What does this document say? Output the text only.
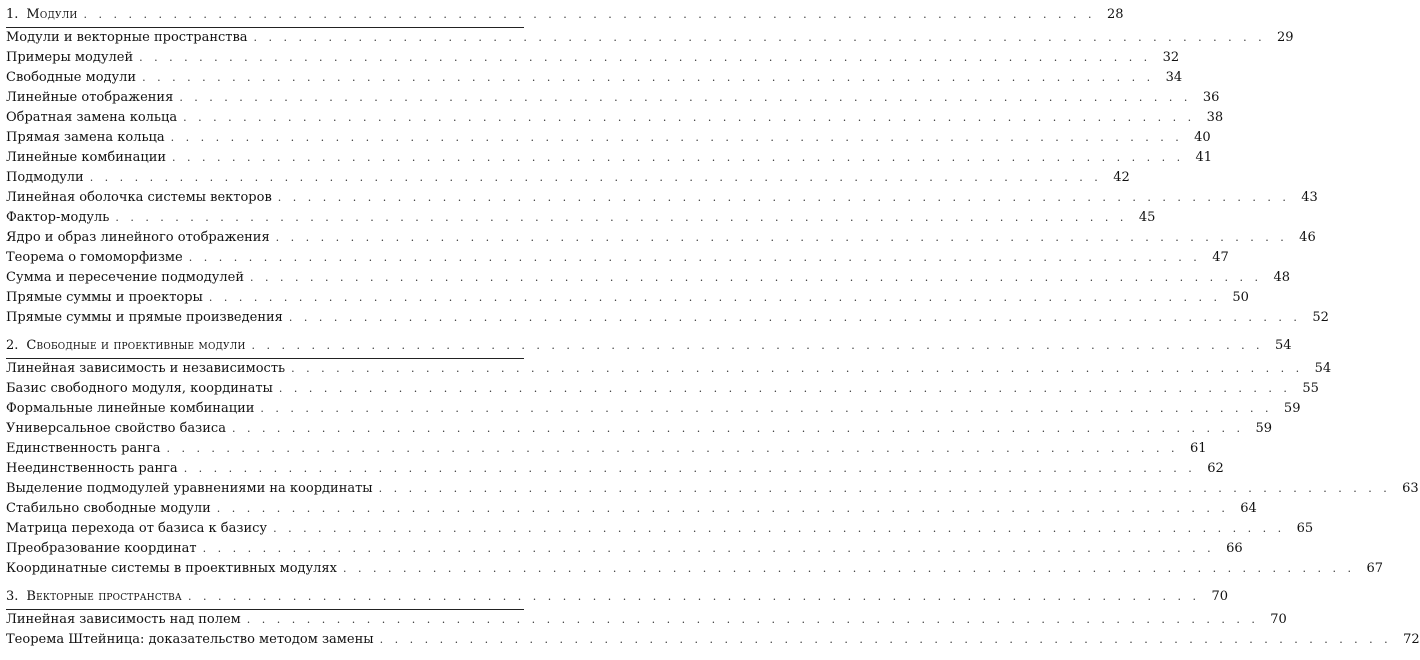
1. Модули . . . . . . . . . . . . . . . . . . . . . . . . . . . . . . . . . . . . . . . . . . . . . . . . . . . . . . . . . . . . . . . . . . . . 28
Модули и векторные пространства . . . . . . . . . . . . . . . . . . . . . . . . . . . . . . . . . . . . . . . . . . . . . . . . . . . . . . . . . . . . . . . . . . . . 29
Примеры модулей . . . . . . . . . . . . . . . . . . . . . . . . . . . . . . . . . . . . . . . . . . . . . . . . . . . . . . . . . . . . . . . . . . . . 32
Свободные модули . . . . . . . . . . . . . . . . . . . . . . . . . . . . . . . . . . . . . . . . . . . . . . . . . . . . . . . . . . . . . . . . . . . . 34
Линейные отображения . . . . . . . . . . . . . . . . . . . . . . . . . . . . . . . . . . . . . . . . . . . . . . . . . . . . . . . . . . . . . . . . . . . . 36
Обратная замена кольца . . . . . . . . . . . . . . . . . . . . . . . . . . . . . . . . . . . . . . . . . . . . . . . . . . . . . . . . . . . . . . . . . . . . 38
Прямая замена кольца . . . . . . . . . . . . . . . . . . . . . . . . . . . . . . . . . . . . . . . . . . . . . . . . . . . . . . . . . . . . . . . . . . . . 40
Линейные комбинации . . . . . . . . . . . . . . . . . . . . . . . . . . . . . . . . . . . . . . . . . . . . . . . . . . . . . . . . . . . . . . . . . . . . 41
Подмодули . . . . . . . . . . . . . . . . . . . . . . . . . . . . . . . . . . . . . . . . . . . . . . . . . . . . . . . . . . . . . . . . . . . . 42
Линейная оболочка системы векторов . . . . . . . . . . . . . . . . . . . . . . . . . . . . . . . . . . . . . . . . . . . . . . . . . . . . . . . . . . . . . . . . . . . . 43
Фактор-модуль . . . . . . . . . . . . . . . . . . . . . . . . . . . . . . . . . . . . . . . . . . . . . . . . . . . . . . . . . . . . . . . . . . . . 45
Ядро и образ линейного отображения . . . . . . . . . . . . . . . . . . . . . . . . . . . . . . . . . . . . . . . . . . . . . . . . . . . . . . . . . . . . . . . . . . . . 46
Теорема о гомоморфизме . . . . . . . . . . . . . . . . . . . . . . . . . . . . . . . . . . . . . . . . . . . . . . . . . . . . . . . . . . . . . . . . . . . . 47
Сумма и пересечение подмодулей . . . . . . . . . . . . . . . . . . . . . . . . . . . . . . . . . . . . . . . . . . . . . . . . . . . . . . . . . . . . . . . . . . . . 48
Прямые суммы и проекторы . . . . . . . . . . . . . . . . . . . . . . . . . . . . . . . . . . . . . . . . . . . . . . . . . . . . . . . . . . . . . . . . . . . . 50
Прямые суммы и прямые произведения . . . . . . . . . . . . . . . . . . . . . . . . . . . . . . . . . . . . . . . . . . . . . . . . . . . . . . . . . . . . . . . . . . . . 52
2. Свободные и проективные модули . . . . . . . . . . . . . . . . . . . . . . . . . . . . . . . . . . . . . . . . . . . . . . . . . . . . . . . . . . . . . . . . . . . . 54
Линейная зависимость и независимость . . . . . . . . . . . . . . . . . . . . . . . . . . . . . . . . . . . . . . . . . . . . . . . . . . . . . . . . . . . . . . . . . . . . 54
Базис свободного модуля, координаты . . . . . . . . . . . . . . . . . . . . . . . . . . . . . . . . . . . . . . . . . . . . . . . . . . . . . . . . . . . . . . . . . . . . 55
Формальные линейные комбинации . . . . . . . . . . . . . . . . . . . . . . . . . . . . . . . . . . . . . . . . . . . . . . . . . . . . . . . . . . . . . . . . . . . . 59
Универсальное свойство базиса . . . . . . . . . . . . . . . . . . . . . . . . . . . . . . . . . . . . . . . . . . . . . . . . . . . . . . . . . . . . . . . . . . . . 59
Единственность ранга . . . . . . . . . . . . . . . . . . . . . . . . . . . . . . . . . . . . . . . . . . . . . . . . . . . . . . . . . . . . . . . . . . . . 61
Неединственность ранга . . . . . . . . . . . . . . . . . . . . . . . . . . . . . . . . . . . . . . . . . . . . . . . . . . . . . . . . . . . . . . . . . . . . 62
Выделение подмодулей уравнениями на координаты . . . . . . . . . . . . . . . . . . . . . . . . . . . . . . . . . . . . . . . . . . . . . . . . . . . . . . . . . . . . . . . . . . . . 63
Стабильно свободные модули . . . . . . . . . . . . . . . . . . . . . . . . . . . . . . . . . . . . . . . . . . . . . . . . . . . . . . . . . . . . . . . . . . . . 64
Матрица перехода от базиса к базису . . . . . . . . . . . . . . . . . . . . . . . . . . . . . . . . . . . . . . . . . . . . . . . . . . . . . . . . . . . . . . . . . . . . 65
Преобразование координат . . . . . . . . . . . . . . . . . . . . . . . . . . . . . . . . . . . . . . . . . . . . . . . . . . . . . . . . . . . . . . . . . . . . 66
Координатные системы в проективных модулях . . . . . . . . . . . . . . . . . . . . . . . . . . . . . . . . . . . . . . . . . . . . . . . . . . . . . . . . . . . . . . . . . . . . 67
3. Векторные пространства . . . . . . . . . . . . . . . . . . . . . . . . . . . . . . . . . . . . . . . . . . . . . . . . . . . . . . . . . . . . . . . . . . . . 70
Линейная зависимость над полем . . . . . . . . . . . . . . . . . . . . . . . . . . . . . . . . . . . . . . . . . . . . . . . . . . . . . . . . . . . . . . . . . . . . 70
Теорема Штейница: доказательство методом замены . . . . . . . . . . . . . . . . . . . . . . . . . . . . . . . . . . . . . . . . . . . . . . . . . . . . . . . . . . . . . . . . . . . . 72
